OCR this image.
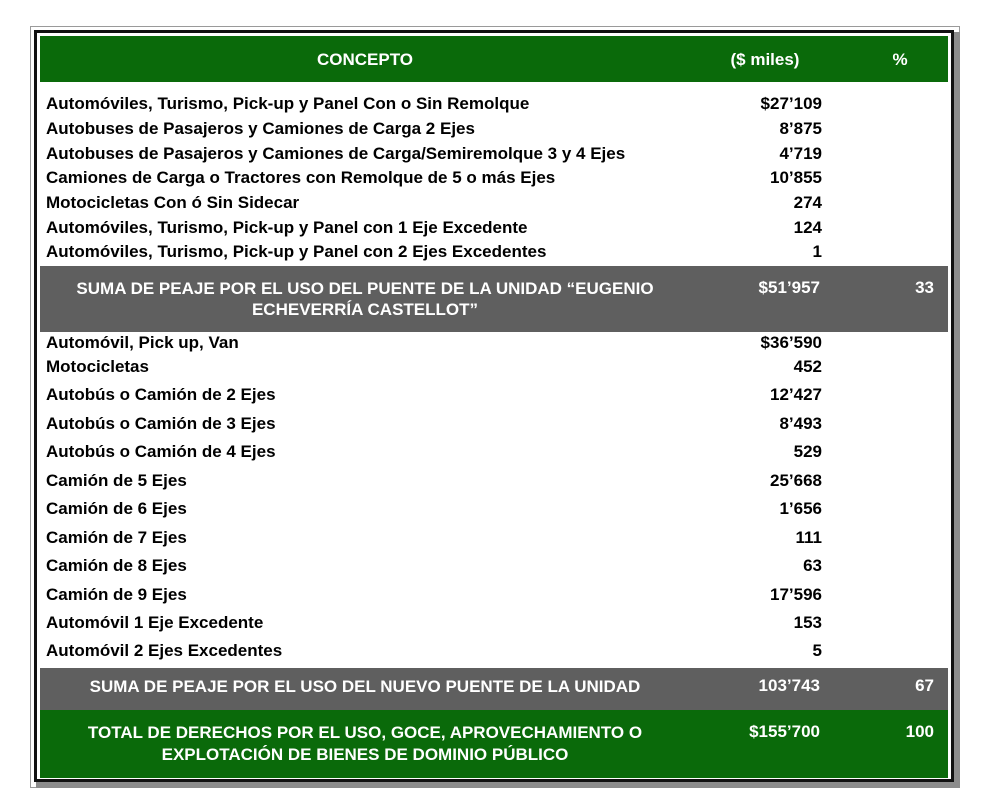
CONCEPTO	($ miles)	%
Automóviles, Turismo, Pick-up y Panel Con o Sin Remolque	$27’109
Autobuses de Pasajeros y Camiones de Carga 2 Ejes	8’875
Autobuses de Pasajeros y Camiones de Carga/Semiremolque 3 y 4 Ejes	4’719
Camiones de Carga o Tractores con Remolque de 5 o más Ejes	10’855
Motocicletas Con ó Sin Sidecar	274
Automóviles, Turismo, Pick-up y Panel con 1 Eje Excedente	124
Automóviles, Turismo, Pick-up y Panel con 2 Ejes Excedentes	1
SUMA DE PEAJE POR EL USO DEL PUENTE DE LA UNIDAD “EUGENIO
ECHEVERRÍA CASTELLOT”
$51’957	33
Automóvil, Pick up, Van	$36’590
Motocicletas	452
Autobús o Camión de 2 Ejes	12’427
Autobús o Camión de 3 Ejes	8’493
Autobús o Camión de 4 Ejes	529
Camión de 5 Ejes	25’668
Camión de 6 Ejes	1’656
Camión de 7 Ejes	111
Camión de 8 Ejes	63
Camión de 9 Ejes	17’596
Automóvil 1 Eje Excedente	153
Automóvil 2 Ejes Excedentes	5
SUMA DE PEAJE POR EL USO DEL NUEVO PUENTE DE LA UNIDAD	103’743	67
TOTAL DE DERECHOS POR EL USO, GOCE, APROVECHAMIENTO O
EXPLOTACIÓN DE BIENES DE DOMINIO PÚBLICO
$155’700	100
